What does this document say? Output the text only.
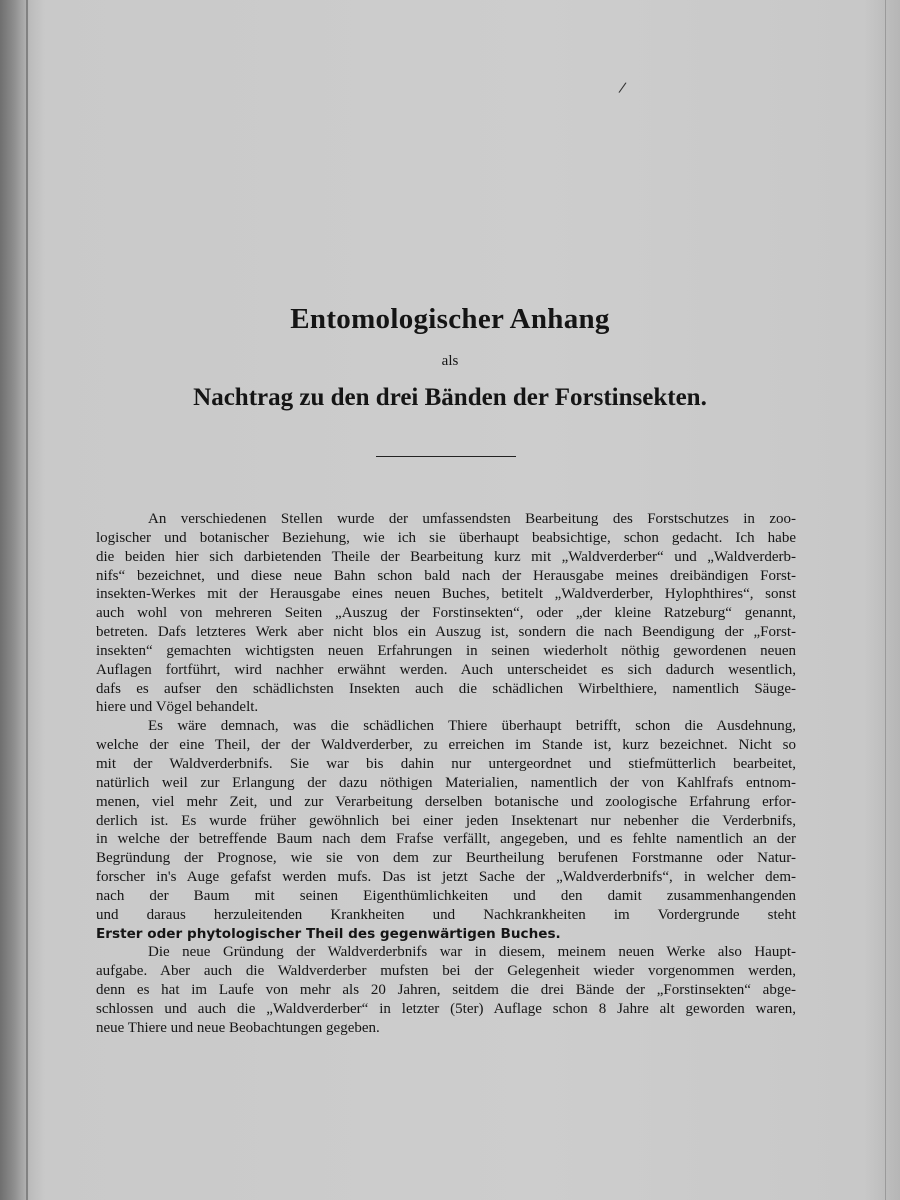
/
Entomologischer Anhang
als
Nachtrag zu den drei Bänden der Forstinsekten.
An verschiedenen Stellen wurde der umfassendsten Bearbeitung des Forstschutzes in zoo-
logischer und botanischer Beziehung, wie ich sie überhaupt beabsichtige, schon gedacht. Ich habe
die beiden hier sich darbietenden Theile der Bearbeitung kurz mit „Waldverderber“ und „Waldverderb-
nifs“ bezeichnet, und diese neue Bahn schon bald nach der Herausgabe meines dreibändigen Forst-
insekten-Werkes mit der Herausgabe eines neuen Buches, betitelt „Waldverderber, Hylophthires“, sonst
auch wohl von mehreren Seiten „Auszug der Forstinsekten“, oder „der kleine Ratzeburg“ genannt,
betreten. Dafs letzteres Werk aber nicht blos ein Auszug ist, sondern die nach Beendigung der „Forst-
insekten“ gemachten wichtigsten neuen Erfahrungen in seinen wiederholt nöthig gewordenen neuen
Auflagen fortführt, wird nachher erwähnt werden. Auch unterscheidet es sich dadurch wesentlich,
dafs es aufser den schädlichsten Insekten auch die schädlichen Wirbelthiere, namentlich Säuge-
hiere und Vögel behandelt.
Es wäre demnach, was die schädlichen Thiere überhaupt betrifft, schon die Ausdehnung,
welche der eine Theil, der der Waldverderber, zu erreichen im Stande ist, kurz bezeichnet. Nicht so
mit der Waldverderbnifs. Sie war bis dahin nur untergeordnet und stiefmütterlich bearbeitet,
natürlich weil zur Erlangung der dazu nöthigen Materialien, namentlich der von Kahlfrafs entnom-
menen, viel mehr Zeit, und zur Verarbeitung derselben botanische und zoologische Erfahrung erfor-
derlich ist. Es wurde früher gewöhnlich bei einer jeden Insektenart nur nebenher die Verderbnifs,
in welche der betreffende Baum nach dem Frafse verfällt, angegeben, und es fehlte namentlich an der
Begründung der Prognose, wie sie von dem zur Beurtheilung berufenen Forstmanne oder Natur-
forscher in's Auge gefafst werden mufs. Das ist jetzt Sache der „Waldverderbnifs“, in welcher dem-
nach der Baum mit seinen Eigenthümlichkeiten und den damit zusammenhangenden
und daraus herzuleitenden Krankheiten und Nachkrankheiten im Vordergrunde steht
Erster oder phytologischer Theil des gegenwärtigen Buches.
Die neue Gründung der Waldverderbnifs war in diesem, meinem neuen Werke also Haupt-
aufgabe. Aber auch die Waldverderber mufsten bei der Gelegenheit wieder vorgenommen werden,
denn es hat im Laufe von mehr als 20 Jahren, seitdem die drei Bände der „Forstinsekten“ abge-
schlossen und auch die „Waldverderber“ in letzter (5ter) Auflage schon 8 Jahre alt geworden waren,
neue Thiere und neue Beobachtungen gegeben.
